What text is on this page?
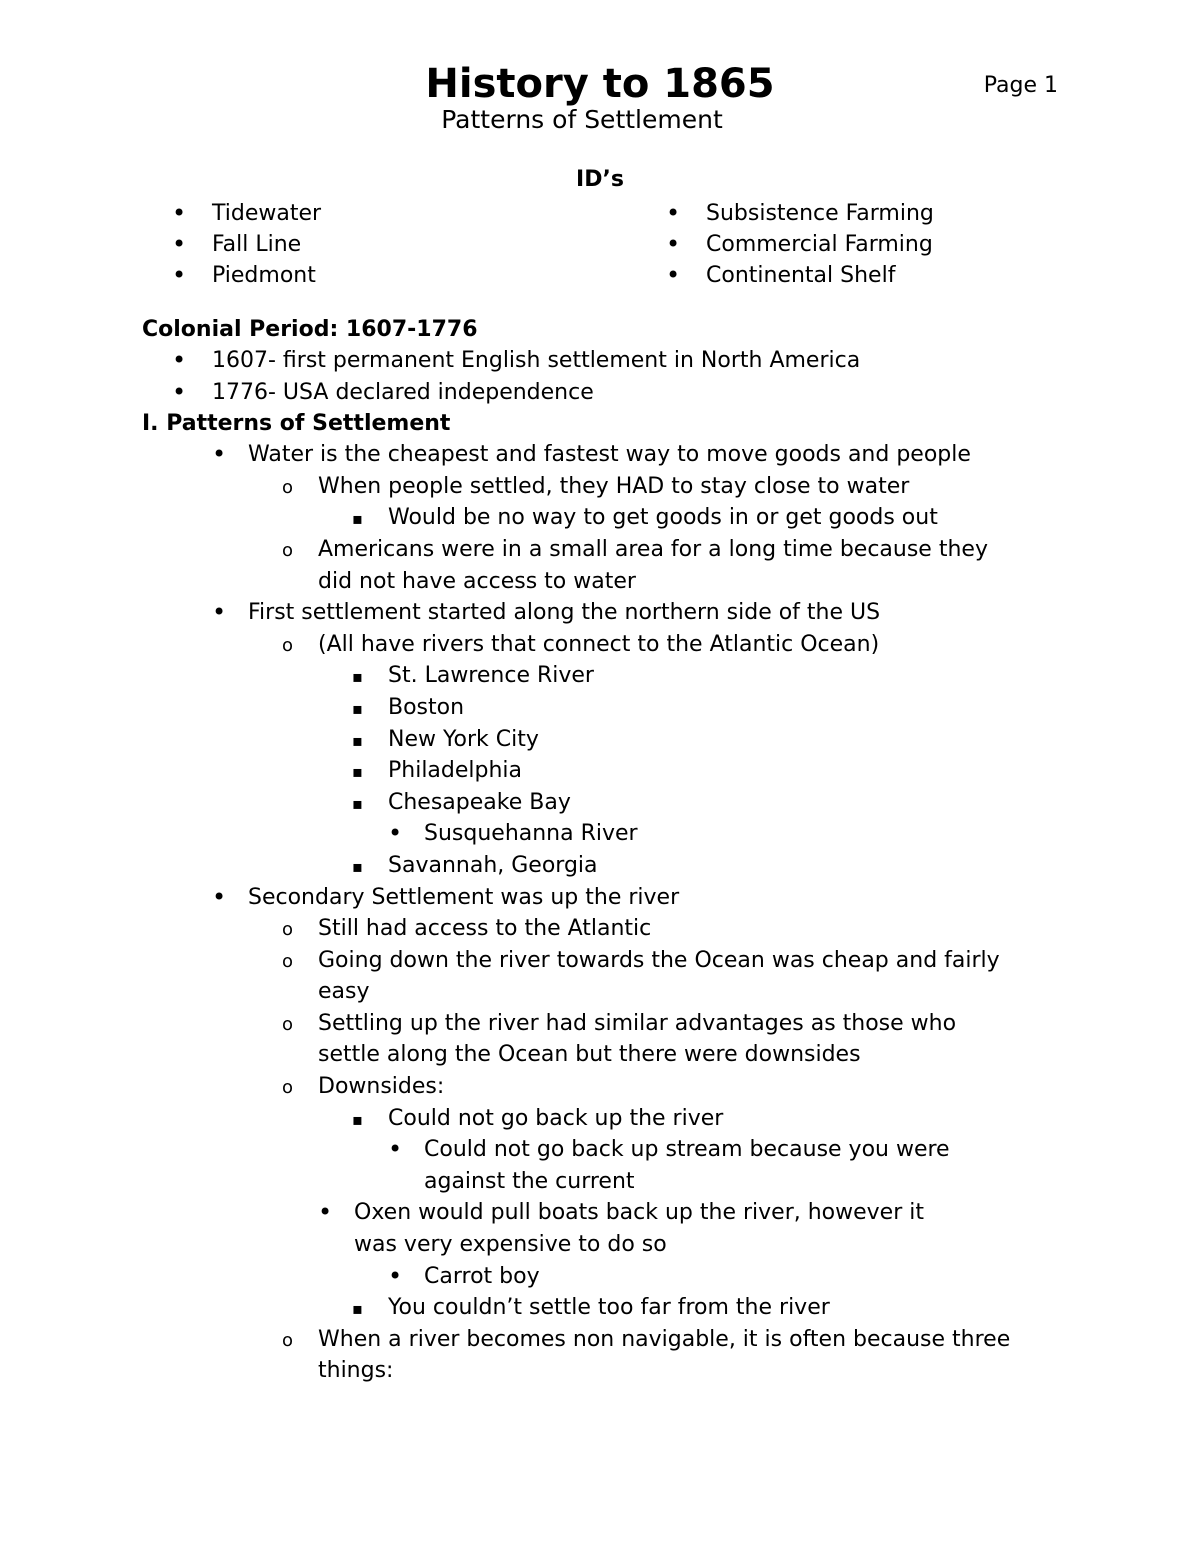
History to 1865
Patterns of Settlement
Page 1
ID’s
•
Tidewater
•
Fall Line
•
Piedmont
•
Subsistence Farming
•
Commercial Farming
•
Continental Shelf
Colonial Period: 1607-1776
•
1607- first permanent English settlement in North America
•
1776- USA declared independence
I. Patterns of Settlement
•
Water is the cheapest and fastest way to move goods and people
o
When people settled, they HAD to stay close to water
▪
Would be no way to get goods in or get goods out
o
Americans were in a small area for a long time because they
did not have access to water
•
First settlement started along the northern side of the US
o
(All have rivers that connect to the Atlantic Ocean)
▪
St. Lawrence River
▪
Boston
▪
New York City
▪
Philadelphia
▪
Chesapeake Bay
•
Susquehanna River
▪
Savannah, Georgia
•
Secondary Settlement was up the river
o
Still had access to the Atlantic
o
Going down the river towards the Ocean was cheap and fairly
easy
o
Settling up the river had similar advantages as those who
settle along the Ocean but there were downsides
o
Downsides:
▪
Could not go back up the river
•
Could not go back up stream because you were
against the current
•
Oxen would pull boats back up the river, however it
was very expensive to do so
•
Carrot boy
▪
You couldn’t settle too far from the river
o
When a river becomes non navigable, it is often because three
things:
